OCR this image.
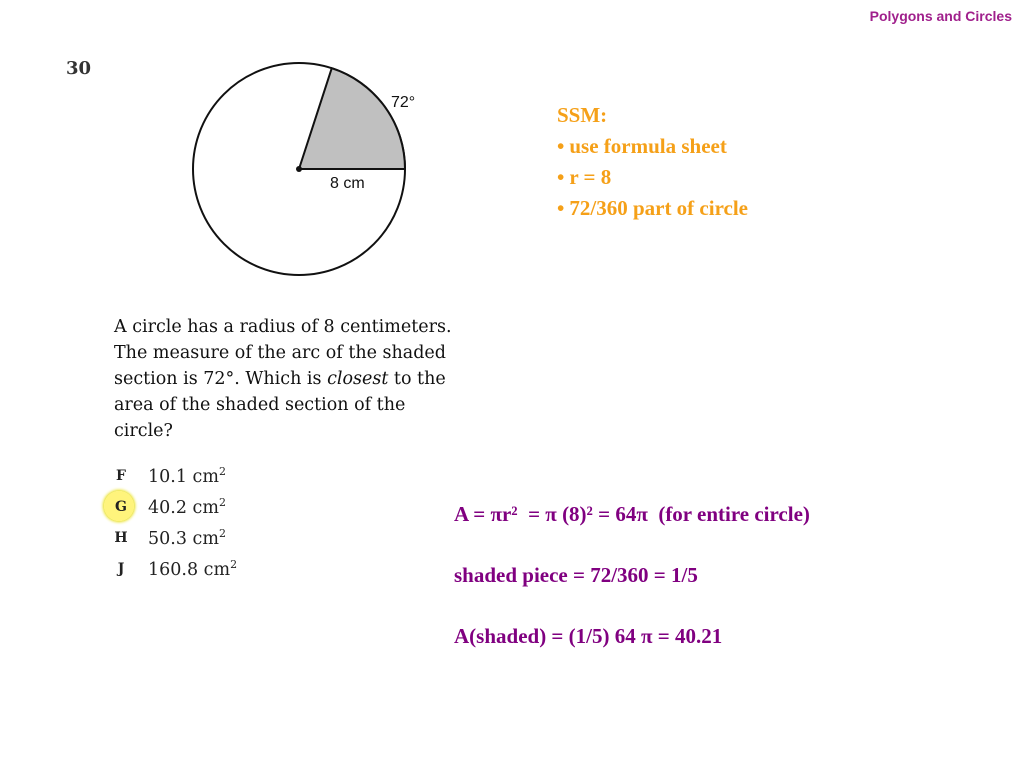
Polygons and Circles
30
72°
8 cm
A circle has a radius of 8 centimeters.
The measure of the arc of the shaded
section is 72°. Which is closest to the
area of the shaded section of the
circle?
F	10.1 $cm^2$
G	40.2 $cm^2$
H	50.3 $cm^2$
J	160.8 $cm^2$
SSM:
• use formula sheet
• r = 8
• 72/360 part of circle
A = πr²  = π (8)² = 64π  (for entire circle)
shaded piece = 72/360 = 1/5
A(shaded) = (1/5) 64 π = 40.21
